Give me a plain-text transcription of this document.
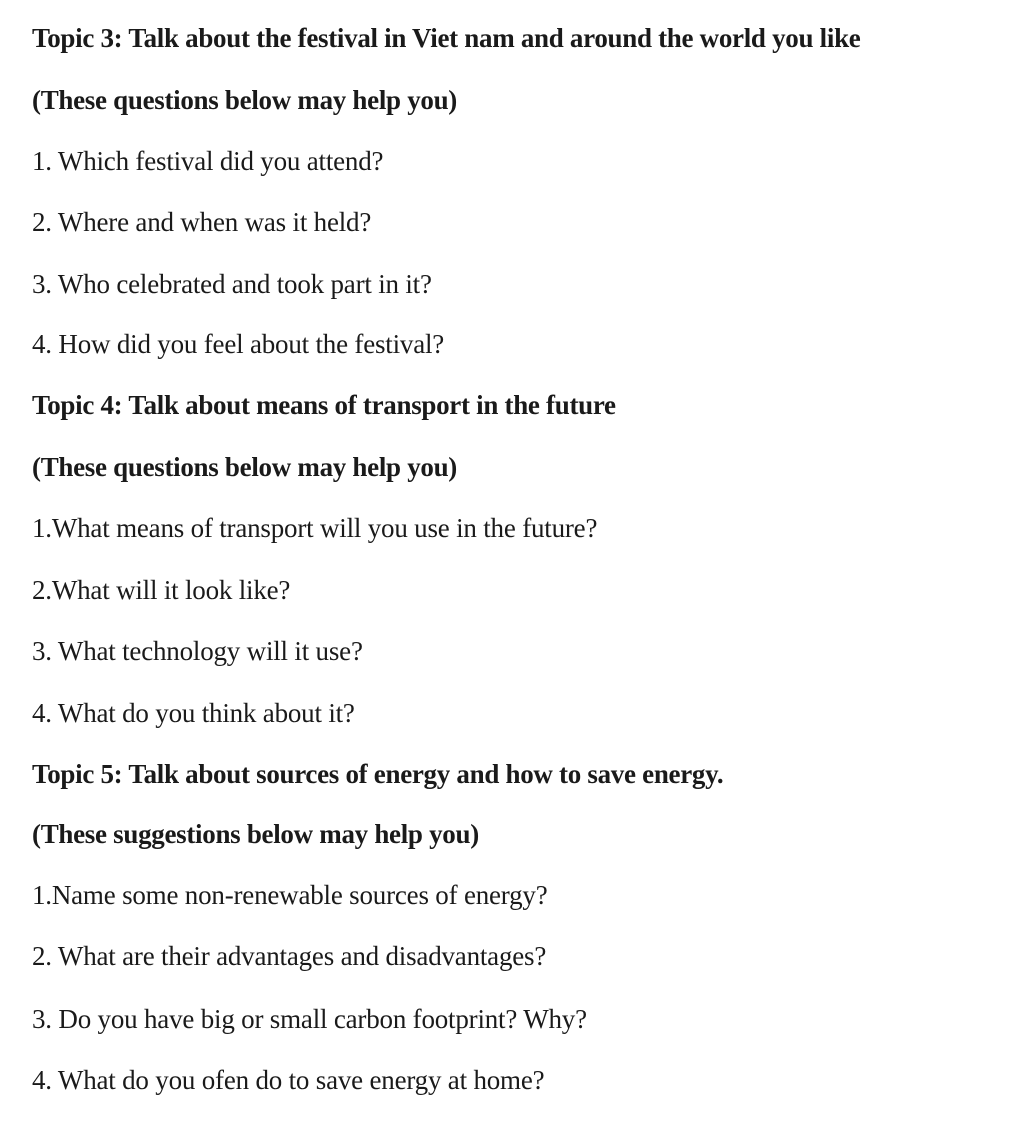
Topic 3: Talk about the festival in Viet nam and around the world you like
(These questions below may help you)
1. Which festival did you attend?
2. Where and when was it held?
3. Who celebrated and took part in it?
4. How did you feel about the festival?
Topic 4: Talk about means of transport in the future
(These questions below may help you)
1.What means of transport will you use in the future?
2.What will it look like?
3. What technology will it use?
4. What do you think about it?
Topic 5: Talk about sources of energy and how to save energy.
(These suggestions below may help you)
1.Name some non-renewable sources of energy?
2. What are their advantages and disadvantages?
3. Do you have big or small carbon footprint? Why?
4. What do you ofen do to save energy at home?
